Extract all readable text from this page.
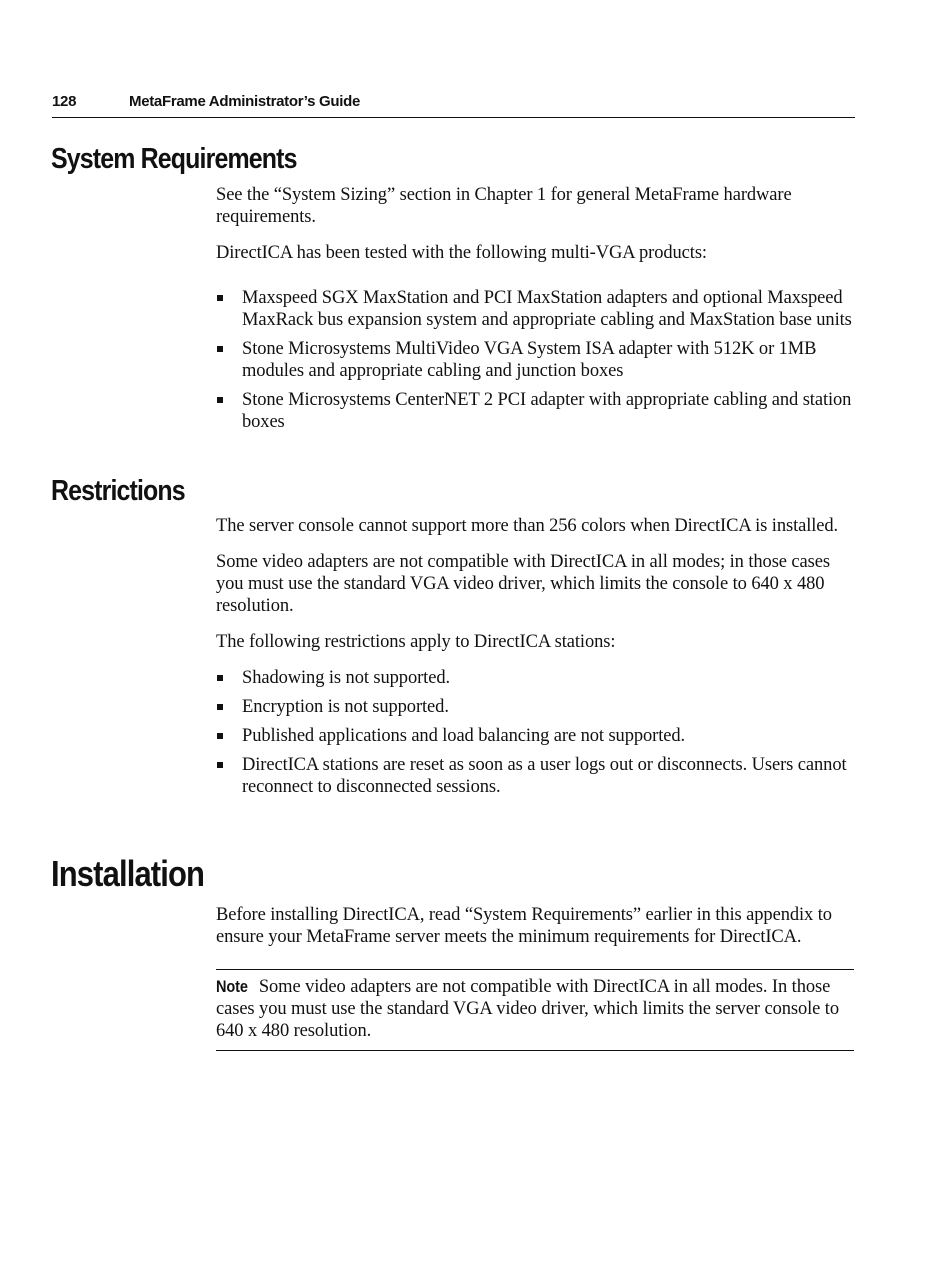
128	MetaFrame Administrator’s Guide
System Requirements

See the “System Sizing” section in Chapter 1 for general MetaFrame hardware requirements.

DirectICA has been tested with the following multi-VGA products:

Maxspeed SGX MaxStation and PCI MaxStation adapters and optional Maxspeed MaxRack bus expansion system and appropriate cabling and MaxStation base units
Stone Microsystems MultiVideo VGA System ISA adapter with 512K or 1MB modules and appropriate cabling and junction boxes
Stone Microsystems CenterNET 2 PCI adapter with appropriate cabling and station boxes
Restrictions

The server console cannot support more than 256 colors when DirectICA is installed.

Some video adapters are not compatible with DirectICA in all modes; in those cases you must use the standard VGA video driver, which limits the console to 640 x 480 resolution.

The following restrictions apply to DirectICA stations:

Shadowing is not supported.
Encryption is not supported.
Published applications and load balancing are not supported.
DirectICA stations are reset as soon as a user logs out or disconnects. Users cannot reconnect to disconnected sessions.
Installation

Before installing DirectICA, read “System Requirements” earlier in this appendix to ensure your MetaFrame server meets the minimum requirements for DirectICA.

Note Some video adapters are not compatible with DirectICA in all modes. In those cases you must use the standard VGA video driver, which limits the server console to 640 x 480 resolution.
